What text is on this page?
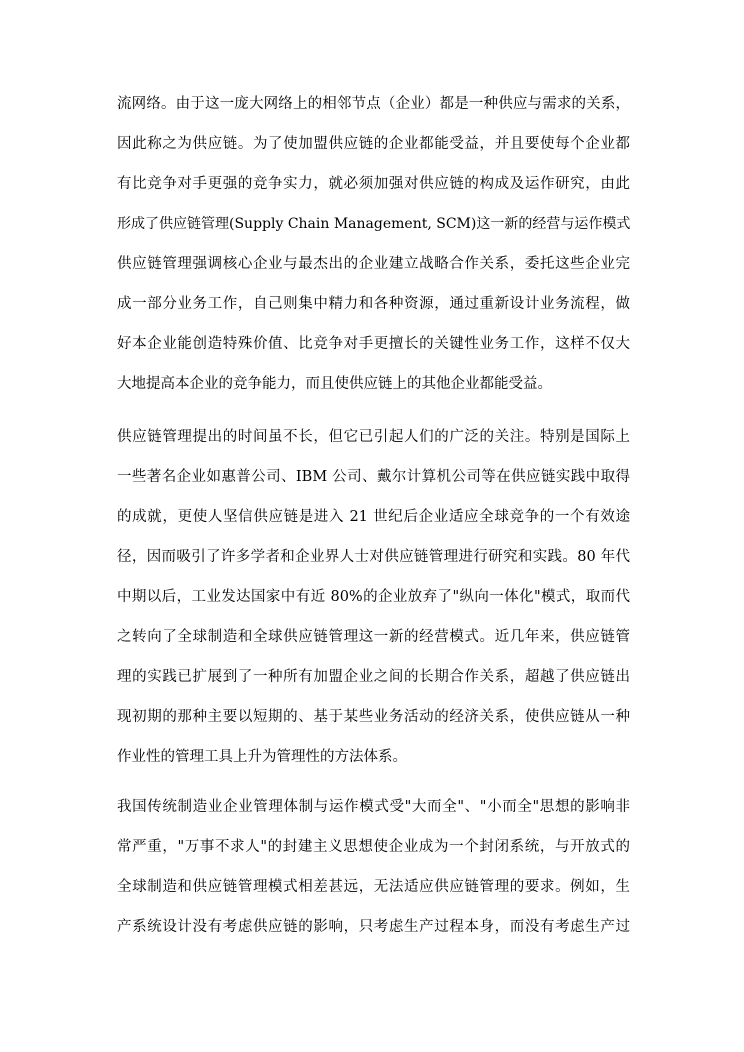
流网络。由于这一庞大网络上的相邻节点（企业）都是一种供应与需求的关系，
因此称之为供应链。为了使加盟供应链的企业都能受益，并且要使每个企业都
有比竞争对手更强的竞争实力，就必须加强对供应链的构成及运作研究，由此
形成了供应链管理(Supply Chain Management, SCM)这一新的经营与运作模式
供应链管理强调核心企业与最杰出的企业建立战略合作关系，委托这些企业完
成一部分业务工作，自己则集中精力和各种资源，通过重新设计业务流程，做
好本企业能创造特殊价值、比竞争对手更擅长的关键性业务工作，这样不仅大
大地提高本企业的竞争能力，而且使供应链上的其他企业都能受益。
供应链管理提出的时间虽不长，但它已引起人们的广泛的关注。特别是国际上
一些著名企业如惠普公司、IBM 公司、戴尔计算机公司等在供应链实践中取得
的成就，更使人坚信供应链是进入 21 世纪后企业适应全球竞争的一个有效途
径，因而吸引了许多学者和企业界人士对供应链管理进行研究和实践。80 年代
中期以后，工业发达国家中有近 80%的企业放弃了"纵向一体化"模式，取而代
之转向了全球制造和全球供应链管理这一新的经营模式。近几年来，供应链管
理的实践已扩展到了一种所有加盟企业之间的长期合作关系，超越了供应链出
现初期的那种主要以短期的、基于某些业务活动的经济关系，使供应链从一种
作业性的管理工具上升为管理性的方法体系。
我国传统制造业企业管理体制与运作模式受"大而全"、"小而全"思想的影响非
常严重，"万事不求人"的封建主义思想使企业成为一个封闭系统，与开放式的
全球制造和供应链管理模式相差甚远，无法适应供应链管理的要求。例如，生
产系统设计没有考虑供应链的影响，只考虑生产过程本身，而没有考虑生产过
